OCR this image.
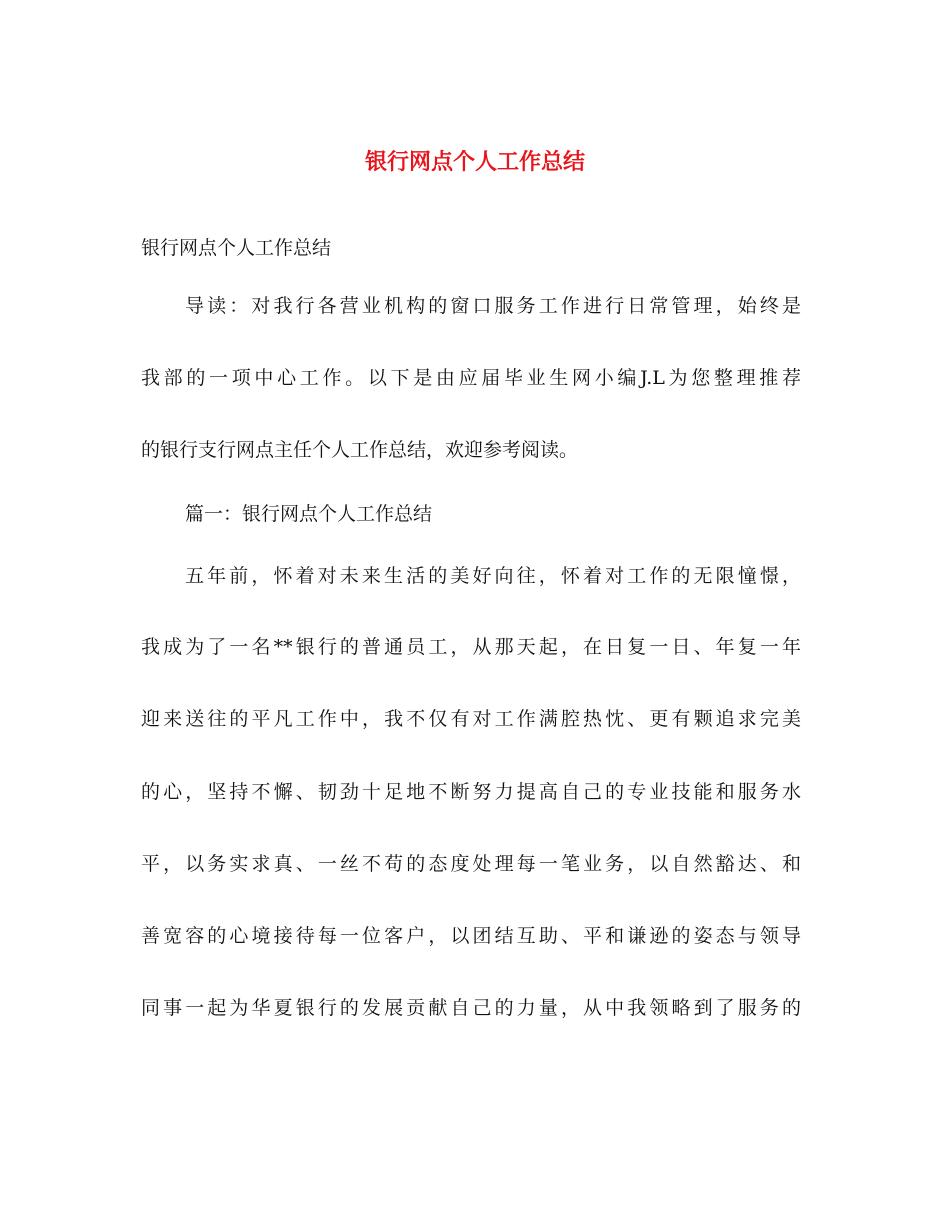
银行网点个人工作总结
银行网点个人工作总结
导读：对我行各营业机构的窗口服务工作进行日常管理，始终是
我部的一项中心工作。以下是由应届毕业生网小编J.L为您整理推荐
的银行支行网点主任个人工作总结，欢迎参考阅读。
篇一：银行网点个人工作总结
五年前，怀着对未来生活的美好向往，怀着对工作的无限憧憬，
我成为了一名**银行的普通员工，从那天起，在日复一日、年复一年
迎来送往的平凡工作中，我不仅有对工作满腔热忱、更有颗追求完美
的心，坚持不懈、韧劲十足地不断努力提高自己的专业技能和服务水
平，以务实求真、一丝不苟的态度处理每一笔业务，以自然豁达、和
善宽容的心境接待每一位客户，以团结互助、平和谦逊的姿态与领导
同事一起为华夏银行的发展贡献自己的力量，从中我领略到了服务的
